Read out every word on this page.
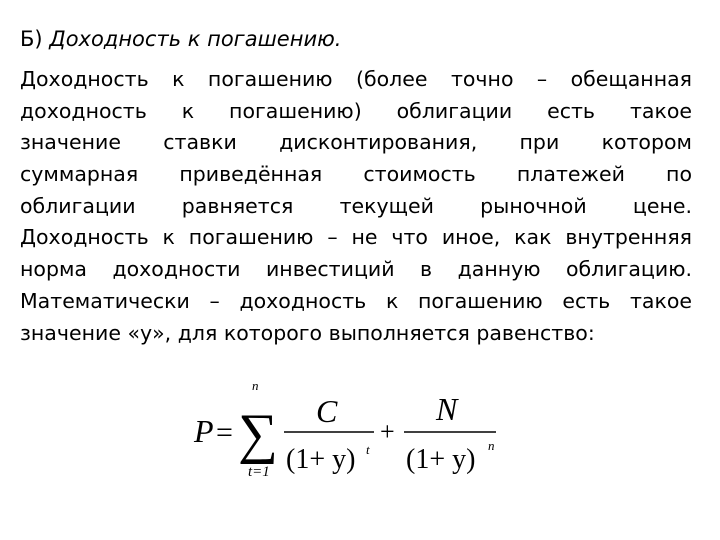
Б) Доходность к погашению.
Доходность к погашению (более точно – обещанная
доходность к погашению) облигации есть такое
значение ставки дисконтирования, при котором
суммарная приведённая стоимость платежей по
облигации равняется текущей рыночной цене.
Доходность к погашению – не что иное, как внутренняя
норма доходности инвестиций в данную облигацию.
Математически – доходность к погашению есть такое
значение «у», для которого выполняется равенство:
P = ∑
n
t=1
C
(1+ y) t
+
N
(1+ y) n
